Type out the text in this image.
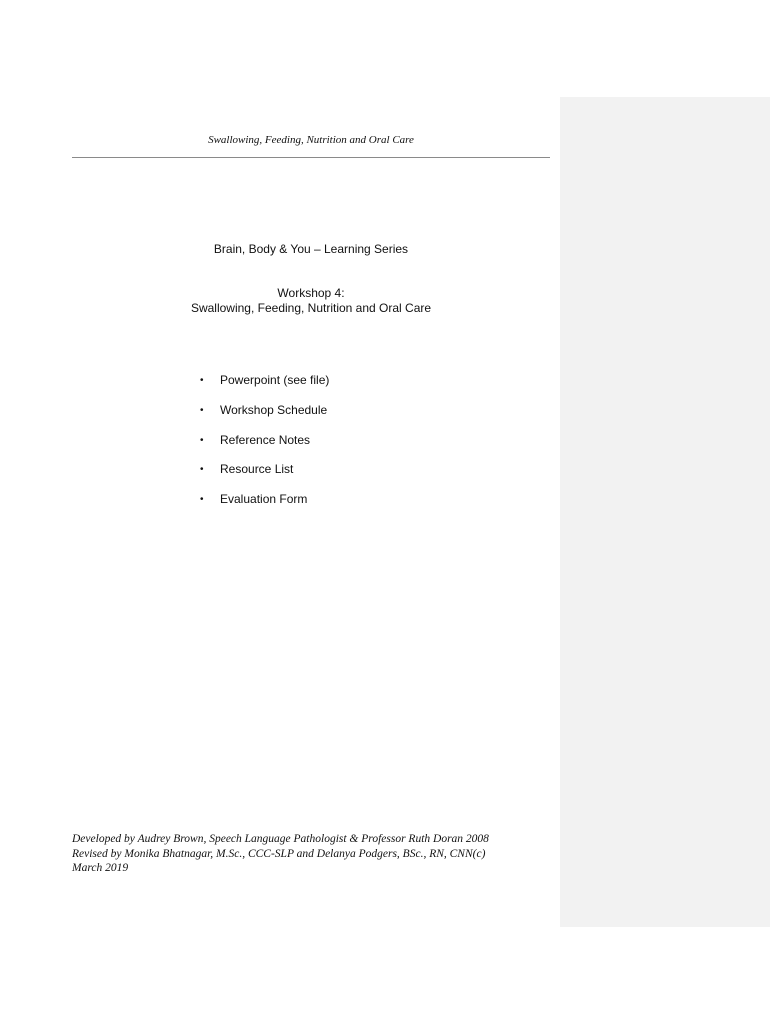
Swallowing, Feeding, Nutrition and Oral Care
Brain, Body & You – Learning Series
Workshop 4:
Swallowing, Feeding, Nutrition and Oral Care
•	Powerpoint (see file)
•	Workshop Schedule
•	Reference Notes
•	Resource List
•	Evaluation Form
Developed by Audrey Brown, Speech Language Pathologist & Professor Ruth Doran 2008
Revised by Monika Bhatnagar, M.Sc., CCC-SLP and Delanya Podgers, BSc., RN, CNN(c)
March 2019
